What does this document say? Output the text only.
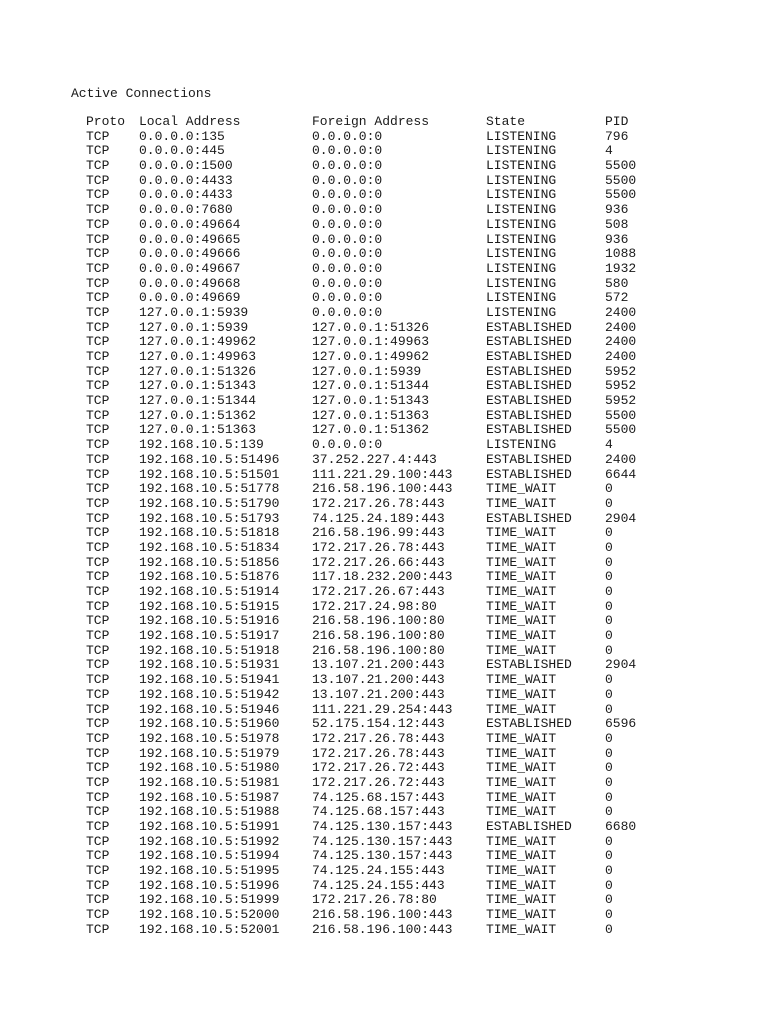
Active Connections
Proto	Local Address	Foreign Address	State	PID
TCP	0.0.0.0:135	0.0.0.0:0	LISTENING	796
TCP	0.0.0.0:445	0.0.0.0:0	LISTENING	4
TCP	0.0.0.0:1500	0.0.0.0:0	LISTENING	5500
TCP	0.0.0.0:4433	0.0.0.0:0	LISTENING	5500
TCP	0.0.0.0:4433	0.0.0.0:0	LISTENING	5500
TCP	0.0.0.0:7680	0.0.0.0:0	LISTENING	936
TCP	0.0.0.0:49664	0.0.0.0:0	LISTENING	508
TCP	0.0.0.0:49665	0.0.0.0:0	LISTENING	936
TCP	0.0.0.0:49666	0.0.0.0:0	LISTENING	1088
TCP	0.0.0.0:49667	0.0.0.0:0	LISTENING	1932
TCP	0.0.0.0:49668	0.0.0.0:0	LISTENING	580
TCP	0.0.0.0:49669	0.0.0.0:0	LISTENING	572
TCP	127.0.0.1:5939	0.0.0.0:0	LISTENING	2400
TCP	127.0.0.1:5939	127.0.0.1:51326	ESTABLISHED	2400
TCP	127.0.0.1:49962	127.0.0.1:49963	ESTABLISHED	2400
TCP	127.0.0.1:49963	127.0.0.1:49962	ESTABLISHED	2400
TCP	127.0.0.1:51326	127.0.0.1:5939	ESTABLISHED	5952
TCP	127.0.0.1:51343	127.0.0.1:51344	ESTABLISHED	5952
TCP	127.0.0.1:51344	127.0.0.1:51343	ESTABLISHED	5952
TCP	127.0.0.1:51362	127.0.0.1:51363	ESTABLISHED	5500
TCP	127.0.0.1:51363	127.0.0.1:51362	ESTABLISHED	5500
TCP	192.168.10.5:139	0.0.0.0:0	LISTENING	4
TCP	192.168.10.5:51496	37.252.227.4:443	ESTABLISHED	2400
TCP	192.168.10.5:51501	111.221.29.100:443	ESTABLISHED	6644
TCP	192.168.10.5:51778	216.58.196.100:443	TIME_WAIT	0
TCP	192.168.10.5:51790	172.217.26.78:443	TIME_WAIT	0
TCP	192.168.10.5:51793	74.125.24.189:443	ESTABLISHED	2904
TCP	192.168.10.5:51818	216.58.196.99:443	TIME_WAIT	0
TCP	192.168.10.5:51834	172.217.26.78:443	TIME_WAIT	0
TCP	192.168.10.5:51856	172.217.26.66:443	TIME_WAIT	0
TCP	192.168.10.5:51876	117.18.232.200:443	TIME_WAIT	0
TCP	192.168.10.5:51914	172.217.26.67:443	TIME_WAIT	0
TCP	192.168.10.5:51915	172.217.24.98:80	TIME_WAIT	0
TCP	192.168.10.5:51916	216.58.196.100:80	TIME_WAIT	0
TCP	192.168.10.5:51917	216.58.196.100:80	TIME_WAIT	0
TCP	192.168.10.5:51918	216.58.196.100:80	TIME_WAIT	0
TCP	192.168.10.5:51931	13.107.21.200:443	ESTABLISHED	2904
TCP	192.168.10.5:51941	13.107.21.200:443	TIME_WAIT	0
TCP	192.168.10.5:51942	13.107.21.200:443	TIME_WAIT	0
TCP	192.168.10.5:51946	111.221.29.254:443	TIME_WAIT	0
TCP	192.168.10.5:51960	52.175.154.12:443	ESTABLISHED	6596
TCP	192.168.10.5:51978	172.217.26.78:443	TIME_WAIT	0
TCP	192.168.10.5:51979	172.217.26.78:443	TIME_WAIT	0
TCP	192.168.10.5:51980	172.217.26.72:443	TIME_WAIT	0
TCP	192.168.10.5:51981	172.217.26.72:443	TIME_WAIT	0
TCP	192.168.10.5:51987	74.125.68.157:443	TIME_WAIT	0
TCP	192.168.10.5:51988	74.125.68.157:443	TIME_WAIT	0
TCP	192.168.10.5:51991	74.125.130.157:443	ESTABLISHED	6680
TCP	192.168.10.5:51992	74.125.130.157:443	TIME_WAIT	0
TCP	192.168.10.5:51994	74.125.130.157:443	TIME_WAIT	0
TCP	192.168.10.5:51995	74.125.24.155:443	TIME_WAIT	0
TCP	192.168.10.5:51996	74.125.24.155:443	TIME_WAIT	0
TCP	192.168.10.5:51999	172.217.26.78:80	TIME_WAIT	0
TCP	192.168.10.5:52000	216.58.196.100:443	TIME_WAIT	0
TCP	192.168.10.5:52001	216.58.196.100:443	TIME_WAIT	0
